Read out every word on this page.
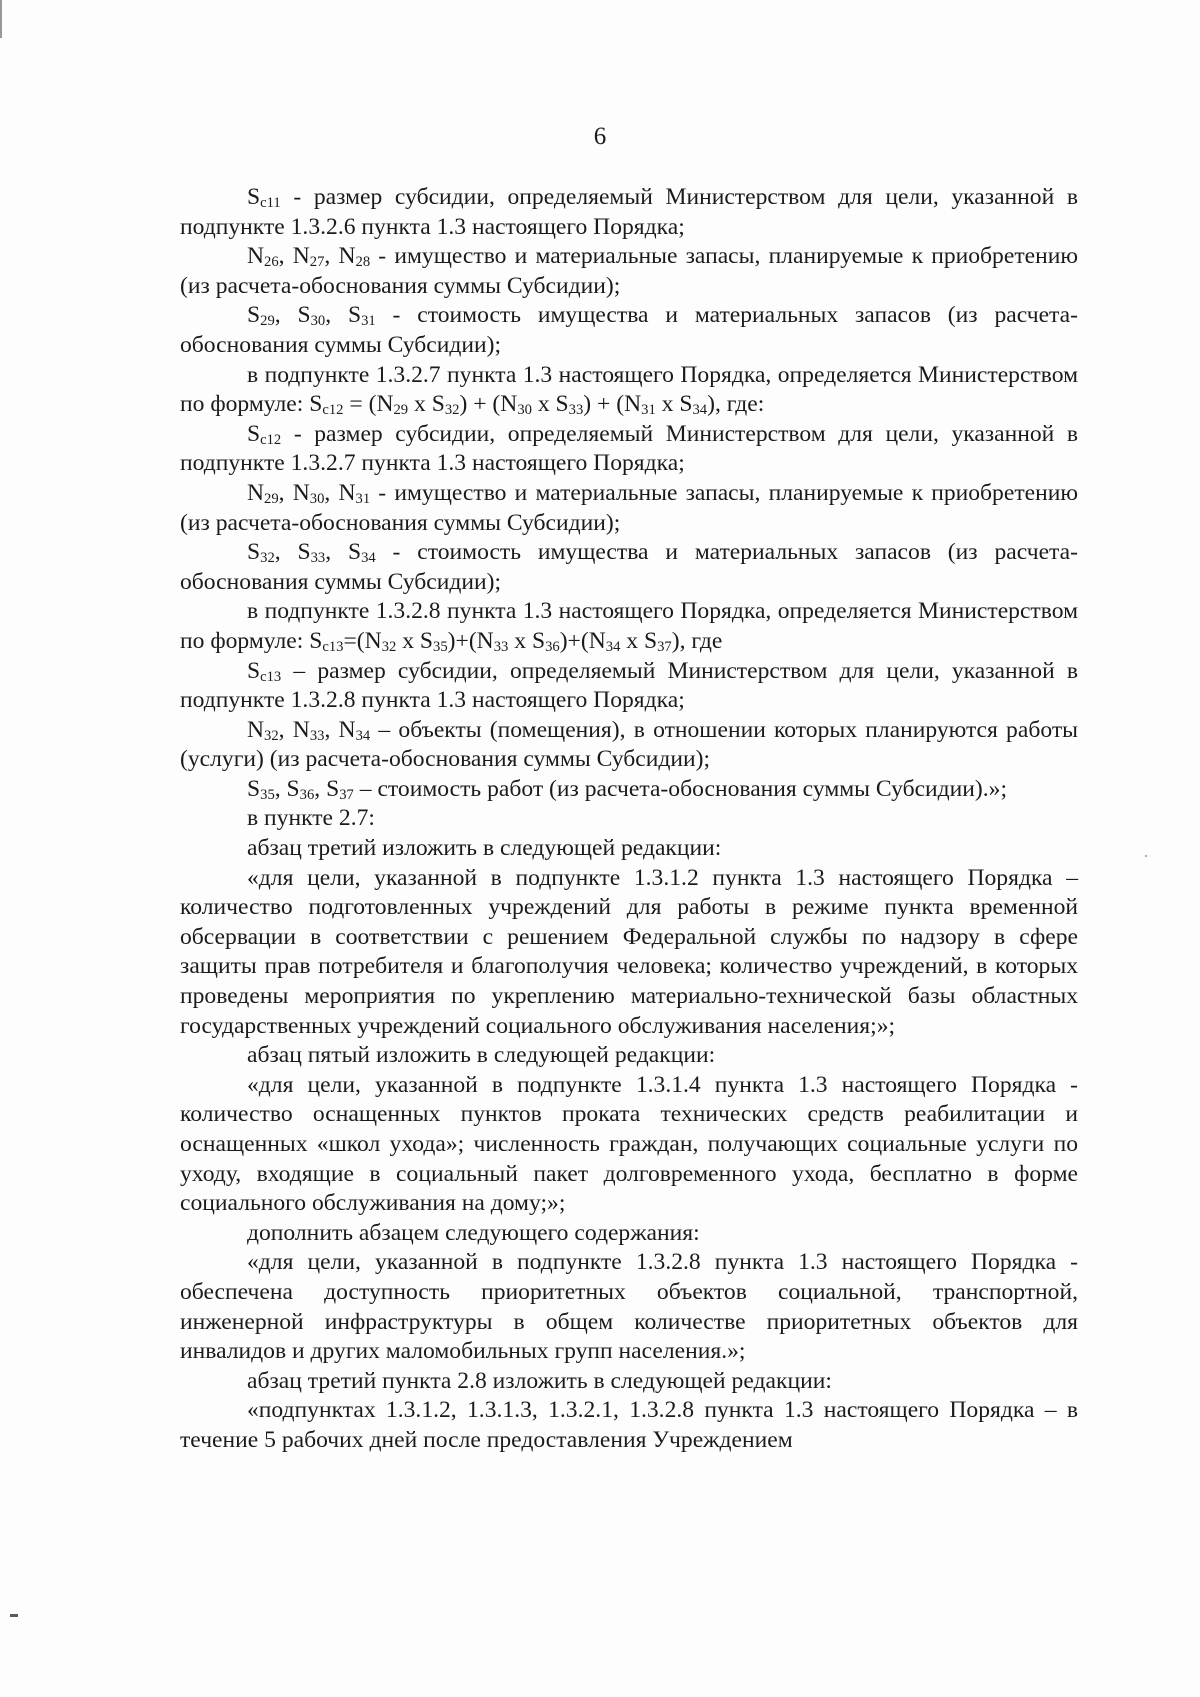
6

$S_{c11}$ - размер субсидии, определяемый Министерством для цели, указанной в подпункте 1.3.2.6 пункта 1.3 настоящего Порядка;

$N_{26}$, $N_{27}$, $N_{28}$ - имущество и материальные запасы, планируемые к приобретению (из расчета-обоснования суммы Субсидии);

$S_{29}$, $S_{30}$, $S_{31}$ - стоимость имущества и материальных запасов (из расчета-обоснования суммы Субсидии);

в подпункте 1.3.2.7 пункта 1.3 настоящего Порядка, определяется Министерством по формуле: $S_{c12} = (N_{29}$ x $S_{32}) + (N_{30}$ x $S_{33}) + (N_{31}$ x $S_{34}$), где:

$S_{c12}$ - размер субсидии, определяемый Министерством для цели, указанной в подпункте 1.3.2.7 пункта 1.3 настоящего Порядка;

$N_{29}$, $N_{30}$, $N_{31}$ - имущество и материальные запасы, планируемые к приобретению (из расчета-обоснования суммы Субсидии);

$S_{32}$, $S_{33}$, $S_{34}$ - стоимость имущества и материальных запасов (из расчета-обоснования суммы Субсидии);

в подпункте 1.3.2.8 пункта 1.3 настоящего Порядка, определяется Министерством по формуле: $S_{c13}=(N_{32}$ x $S_{35})+(N_{33}$ x $S_{36})+(N_{34}$ x $S_{37}$), где

$S_{c13}$ – размер субсидии, определяемый Министерством для цели, указанной в подпункте 1.3.2.8 пункта 1.3 настоящего Порядка;

$N_{32}$, $N_{33}$, $N_{34}$ – объекты (помещения), в отношении которых планируются работы (услуги) (из расчета-обоснования суммы Субсидии);

$S_{35}$, $S_{36}$, $S_{37}$ – стоимость работ (из расчета-обоснования суммы Субсидии).»;

в пункте 2.7:

абзац третий изложить в следующей редакции:

«для цели, указанной в подпункте 1.3.1.2 пункта 1.3 настоящего Порядка – количество подготовленных учреждений для работы в режиме пункта временной обсервации в соответствии с решением Федеральной службы по надзору в сфере защиты прав потребителя и благополучия человека; количество учреждений, в которых проведены мероприятия по укреплению материально-технической базы областных государственных учреждений социального обслуживания населения;»;

абзац пятый изложить в следующей редакции:

«для цели, указанной в подпункте 1.3.1.4 пункта 1.3 настоящего Порядка - количество оснащенных пунктов проката технических средств реабилитации и оснащенных «школ ухода»; численность граждан, получающих социальные услуги по уходу, входящие в социальный пакет долговременного ухода, бесплатно в форме социального обслуживания на дому;»;

дополнить абзацем следующего содержания:

«для цели, указанной в подпункте 1.3.2.8 пункта 1.3 настоящего Порядка - обеспечена доступность приоритетных объектов социальной, транспортной, инженерной инфраструктуры в общем количестве приоритетных объектов для инвалидов и других маломобильных групп населения.»;

абзац третий пункта 2.8 изложить в следующей редакции:

«подпунктах 1.3.1.2, 1.3.1.3, 1.3.2.1, 1.3.2.8 пункта 1.3 настоящего Порядка – в течение 5 рабочих дней после предоставления Учреждением
